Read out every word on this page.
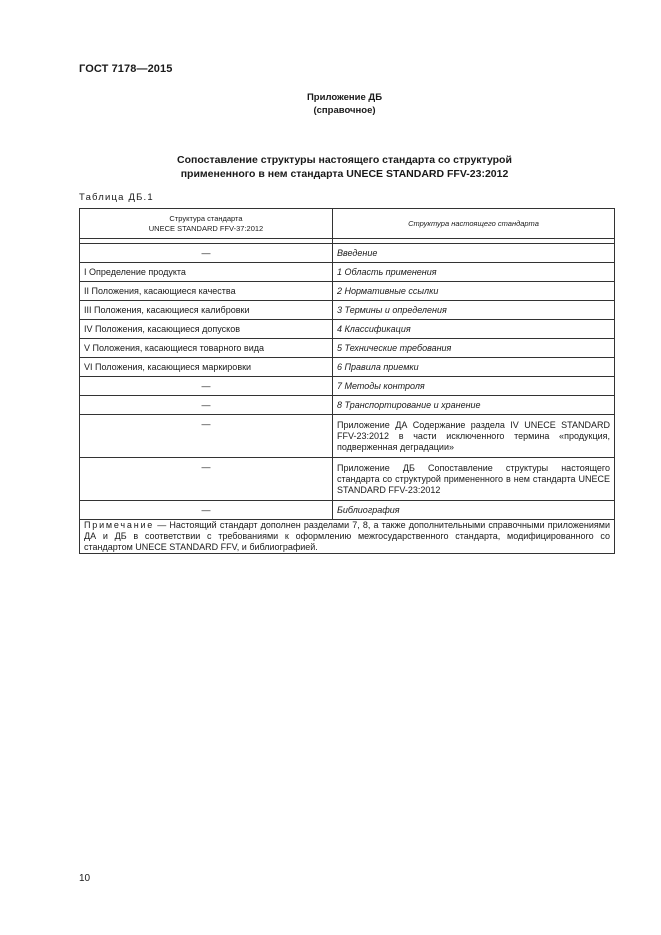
ГОСТ 7178—2015
Приложение ДБ
(справочное)
Сопоставление структуры настоящего стандарта со структурой
примененного в нем стандарта UNECE STANDARD FFV-23:2012
Таблица ДБ.1
Структура стандарта
UNECE STANDARD FFV-37:2012	Структура настоящего стандарта

—	Введение
I Определение продукта	1 Область применения
II Положения, касающиеся качества	2 Нормативные ссылки
III Положения, касающиеся калибровки	3 Термины и определения
IV Положения, касающиеся допусков	4 Классификация
V Положения, касающиеся товарного вида	5 Технические требования
VI Положения, касающиеся маркировки	6 Правила приемки
—	7 Методы контроля
—	8 Транспортирование и хранение
—	Приложение ДА Содержание раздела IV UNECE STANDARD FFV-23:2012 в части исключенного термина «продукция, подверженная деградации»
—	Приложение ДБ Сопоставление структуры настоящего стандарта со структурой примененного в нем стандарта UNECE STANDARD FFV-23:2012
—	Библиография
Примечание — Настоящий стандарт дополнен разделами 7, 8, а также дополнительными справочными приложениями ДА и ДБ в соответствии с требованиями к оформлению межгосударственного стандарта, модифицированного со стандартом UNECE STANDARD FFV, и библиографией.	
10
